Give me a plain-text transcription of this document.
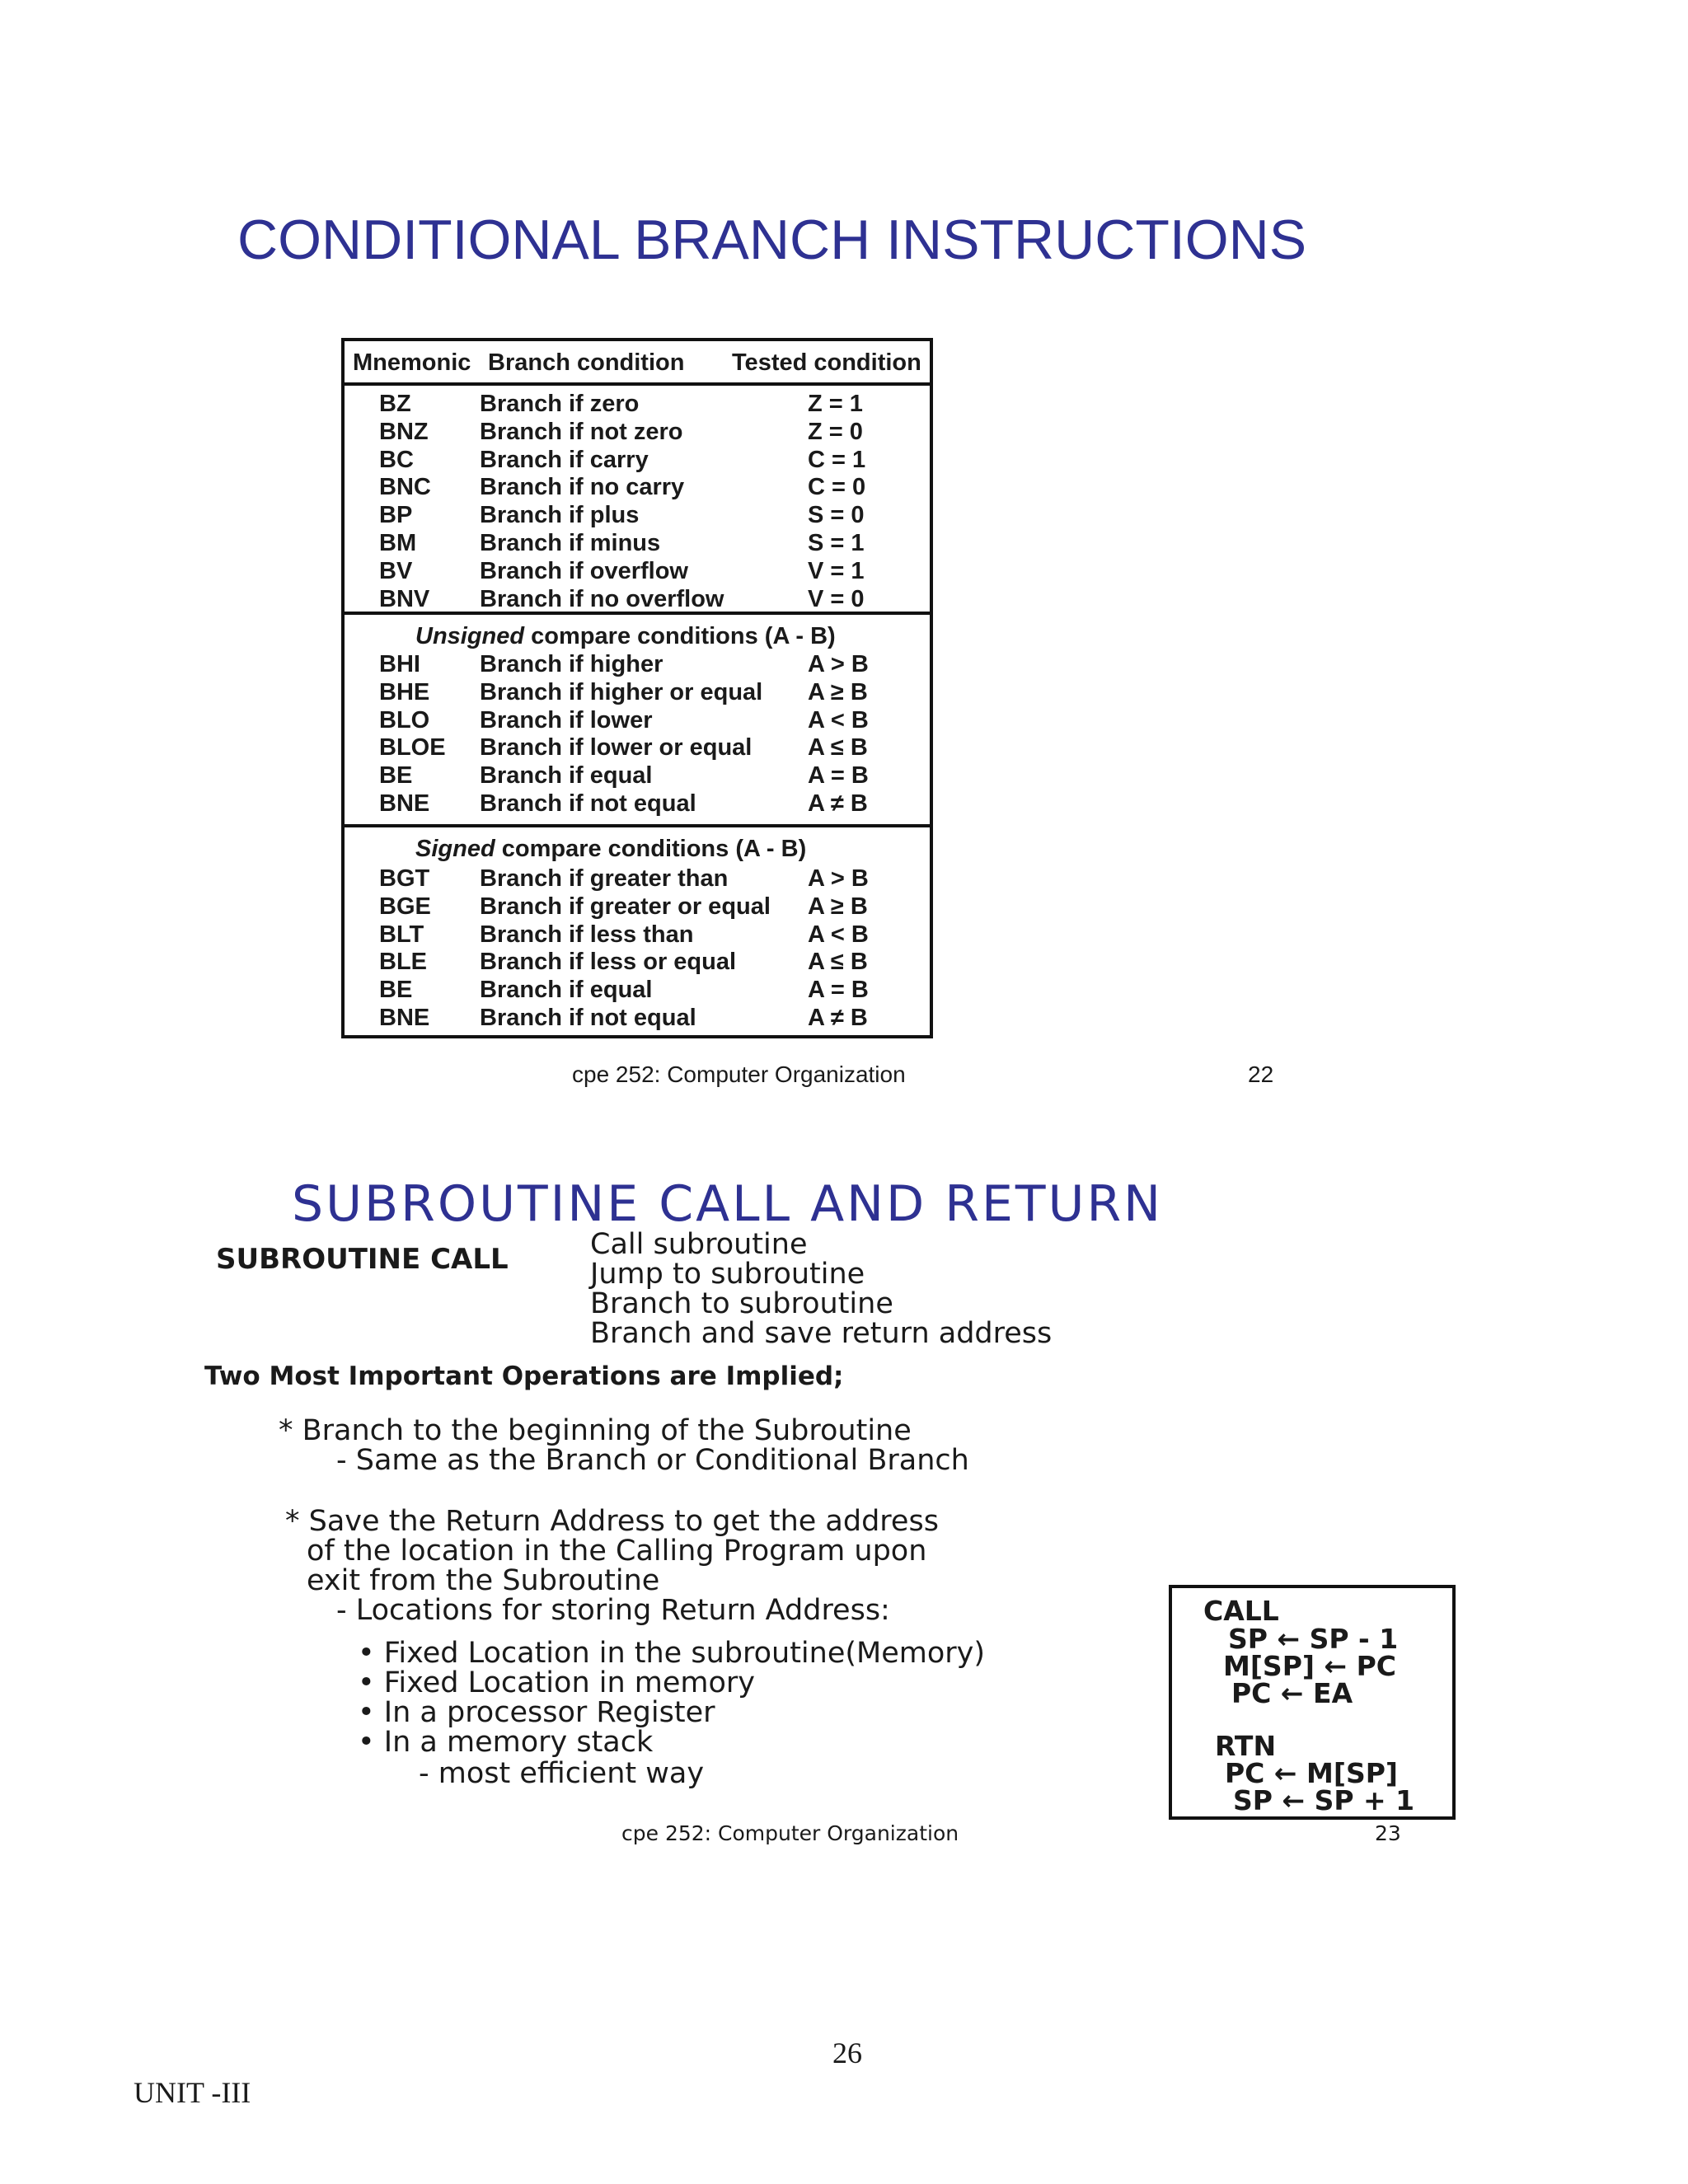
CONDITIONAL BRANCH INSTRUCTIONS
Mnemonic Branch condition Tested condition
BZ	Branch if zero	Z = 1
BNZ Branch if not zero	Z = 0
BC	Branch if carry	C = 1
BNC Branch if no carry	C = 0
BP	Branch if plus	S = 0
BM	Branch if minus	S = 1
BV	Branch if overflow	V = 1
BNV Branch if no overflow	V = 0
Unsigned compare conditions (A - B)
BHI Branch if higher	A > B
BHE Branch if higher or equal A ≥ B
BLO Branch if lower	A < B
BLOE Branch if lower or equal A ≤ B
BE	Branch if equal	A = B
BNE Branch if not equal	A ≠ B
Signed compare conditions (A - B)
BGT Branch if greater than	A > B
BGE Branch if greater or equal A ≥ B
BLT Branch if less than	A < B
BLE Branch if less or equal	A ≤ B
BE	Branch if equal	A = B
BNE Branch if not equal	A ≠ B
cpe 252: Computer Organization	22
SUBROUTINE CALL AND RETURN
SUBROUTINE CALL	Call subroutine
Jump to subroutine
Branch to subroutine
Branch and save return address
Two Most Important Operations are Implied;
* Branch to the beginning of the Subroutine
- Same as the Branch or Conditional Branch
* Save the Return Address to get the address
of the location in the Calling Program upon
exit from the Subroutine
- Locations for storing Return Address:
• Fixed Location in the subroutine(Memory)
• Fixed Location in memory
• In a processor Register
• In a memory stack
- most efficient way
CALL
SP ← SP - 1
M[SP] ← PC
PC ← EA
RTN
PC ← M[SP]
SP ← SP + 1
cpe 252: Computer Organization	23
26
UNIT -III
